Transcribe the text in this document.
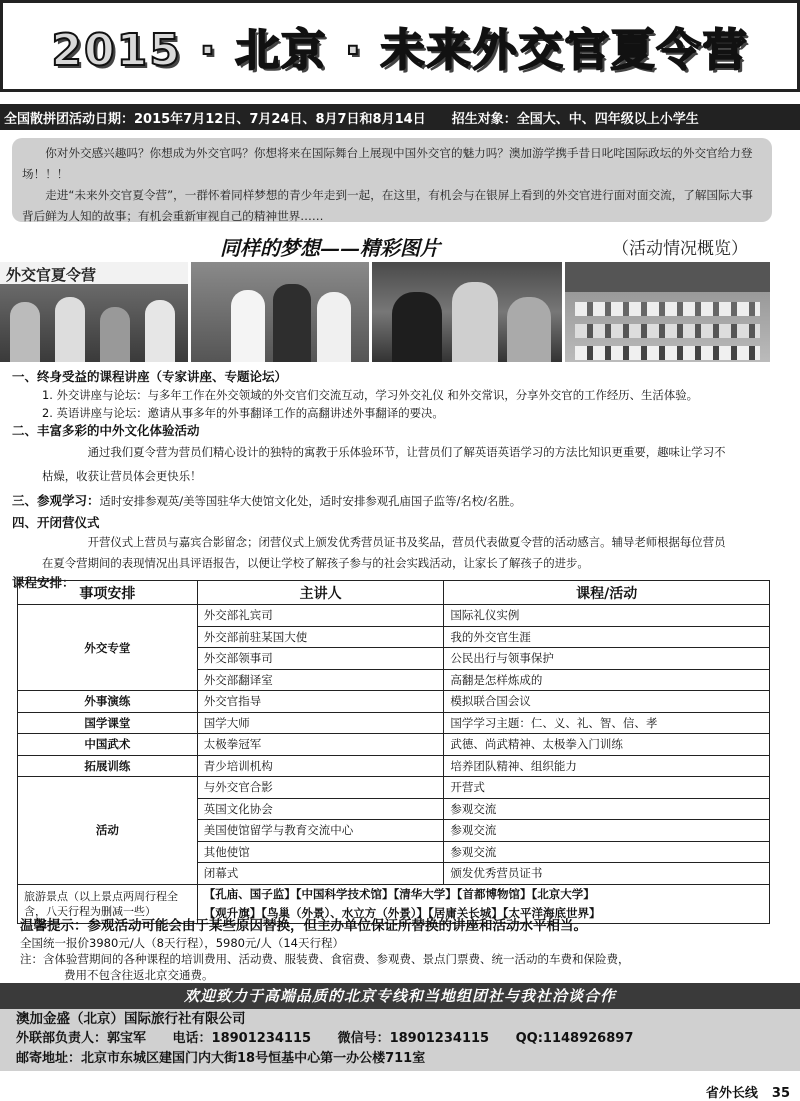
2015 · 北京 · 未来外交官夏令营
全国散拼团活动日期：2015年7月12日、7月24日、8月7日和8月14日 招生对象：全国大、中、四年级以上小学生

你对外交感兴趣吗？你想成为外交官吗？你想将来在国际舞台上展现中国外交官的魅力吗？澳加游学携手昔日叱咤国际政坛的外交官给力登场！！！

走进“未来外交官夏令营”，一群怀着同样梦想的青少年走到一起，在这里，有机会与在银屏上看到的外交官进行面对面交流，了解国际大事背后鲜为人知的故事；有机会重新审视自己的精神世界……

同样的梦想——精彩图片	（活动情况概览）
外交官夏令营
一、终身受益的课程讲座（专家讲座、专题论坛）
1. 外交讲座与论坛：与多年工作在外交领域的外交官们交流互动，学习外交礼仪 和外交常识，分享外交官的工作经历、生活体验。
2. 英语讲座与论坛：邀请从事多年的外事翻译工作的高翻讲述外事翻译的要决。
二、丰富多彩的中外文化体验活动
通过我们夏令营为营员们精心设计的独特的寓教于乐体验环节，让营员们了解英语英语学习的方法比知识更重要，趣味让学习不
枯燥，收获让营员体会更快乐！
三、参观学习：适时安排参观英/美等国驻华大使馆文化处，适时安排参观孔庙国子监等/名校/名胜。
四、开闭营仪式
开营仪式上营员与嘉宾合影留念；闭营仪式上颁发优秀营员证书及奖品，营员代表做夏令营的活动感言。辅导老师根据每位营员
在夏令营期间的表现情况出具评语报告，以便让学校了解孩子参与的社会实践活动，让家长了解孩子的进步。
课程安排：
事项安排	主讲人	课程/活动
外交专堂	外交部礼宾司	国际礼仪实例
	外交部前驻某国大使	我的外交官生涯
	外交部领事司	公民出行与领事保护
	外交部翻译室	高翻是怎样炼成的
外事演练	外交官指导	模拟联合国会议
国学课堂	国学大师	国学学习主题：仁、义、礼、智、信、孝
中国武术	太极拳冠军	武德、尚武精神、太极拳入门训练
拓展训练	青少培训机构	培养团队精神、组织能力
活动	与外交官合影	开营式
	英国文化协会	参观交流
	美国使馆留学与教育交流中心	参观交流
	其他使馆	参观交流
	闭幕式	颁发优秀营员证书
旅游景点（以上景点两周行程全含，八天行程为删减一些）	【孔庙、国子监】【中国科学技术馆】【清华大学】【首都博物馆】【北京大学】
【观升旗】【鸟巢（外景）、水立方（外景）】【居庸关长城】【太平洋海底世界】	
温馨提示：参观活动可能会由于某些原因替换，但主办单位保证所替换的讲座和活动水平相当。
全国统一报价3980元/人（8天行程），5980元/人（14天行程）
注：含体验营期间的各种课程的培训费用、活动费、服装费、食宿费、参观费、景点门票费、统一活动的车费和保险费，
费用不包含往返北京交通费。
欢迎致力于高端品质的北京专线和当地组团社与我社洽谈合作
澳加金盛（北京）国际旅行社有限公司
外联部负责人：郭宝军 电话：18901234115 微信号：18901234115 QQ:1148926897
邮寄地址：北京市东城区建国门内大街18号恒基中心第一办公楼711室
省外长线 35
